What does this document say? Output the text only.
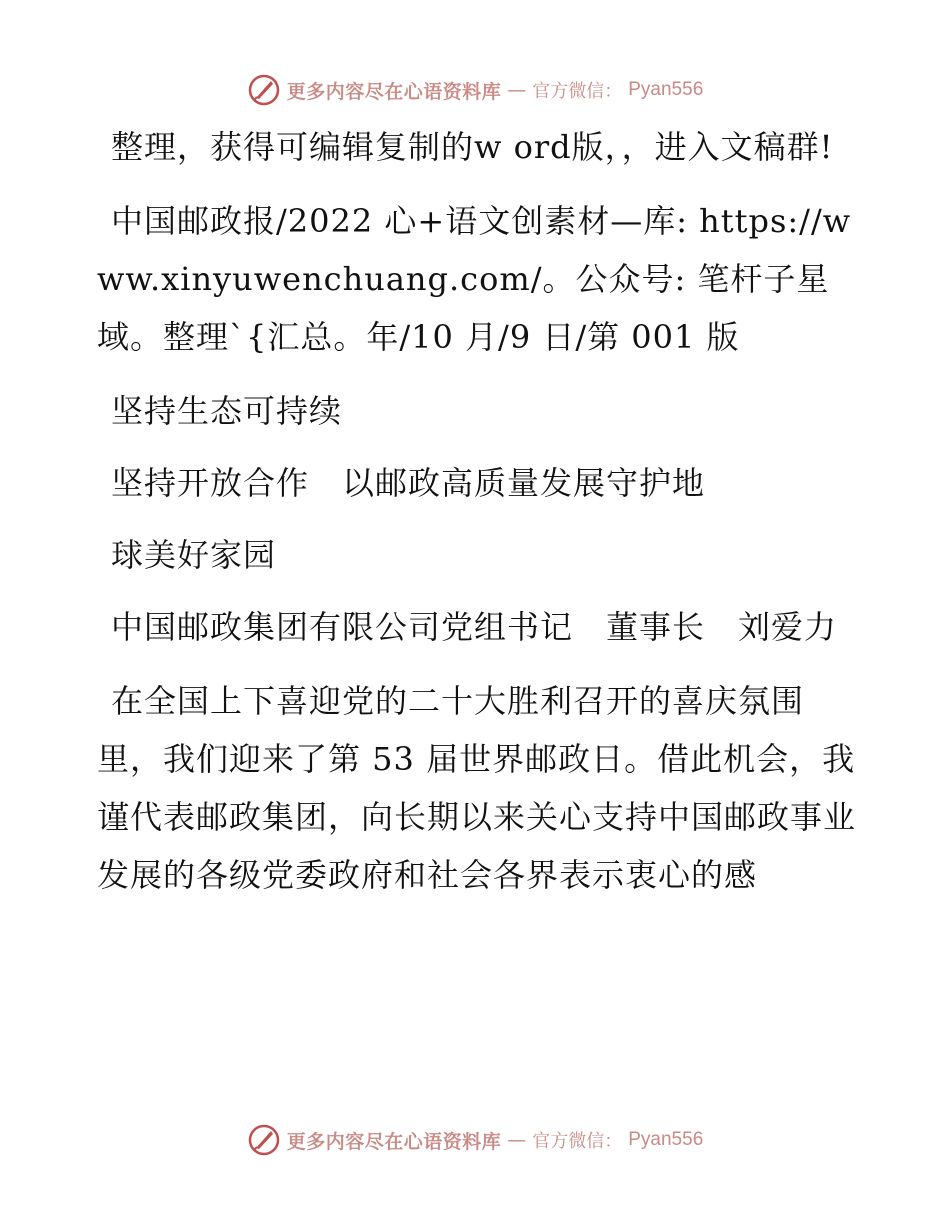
更多内容尽在心语资料库 — 官方微信： Pyan556

整理，获得可编辑复制的w ord版，，进入文稿群!

中国邮政报/2022 心+语文创素材—库: https://www.xinyuwenchuang.com/。公众号: 笔杆子星域。整理`{汇总。年/10 月/9 日/第 001 版

坚持生态可持续

坚持开放合作　以邮政高质量发展守护地

球美好家园

中国邮政集团有限公司党组书记　董事长　刘爱力

在全国上下喜迎党的二十大胜利召开的喜庆氛围里，我们迎来了第 53 届世界邮政日。借此机会，我谨代表邮政集团，向长期以来关心支持中国邮政事业发展的各级党委政府和社会各界表示衷心的感

更多内容尽在心语资料库 — 官方微信： Pyan556
